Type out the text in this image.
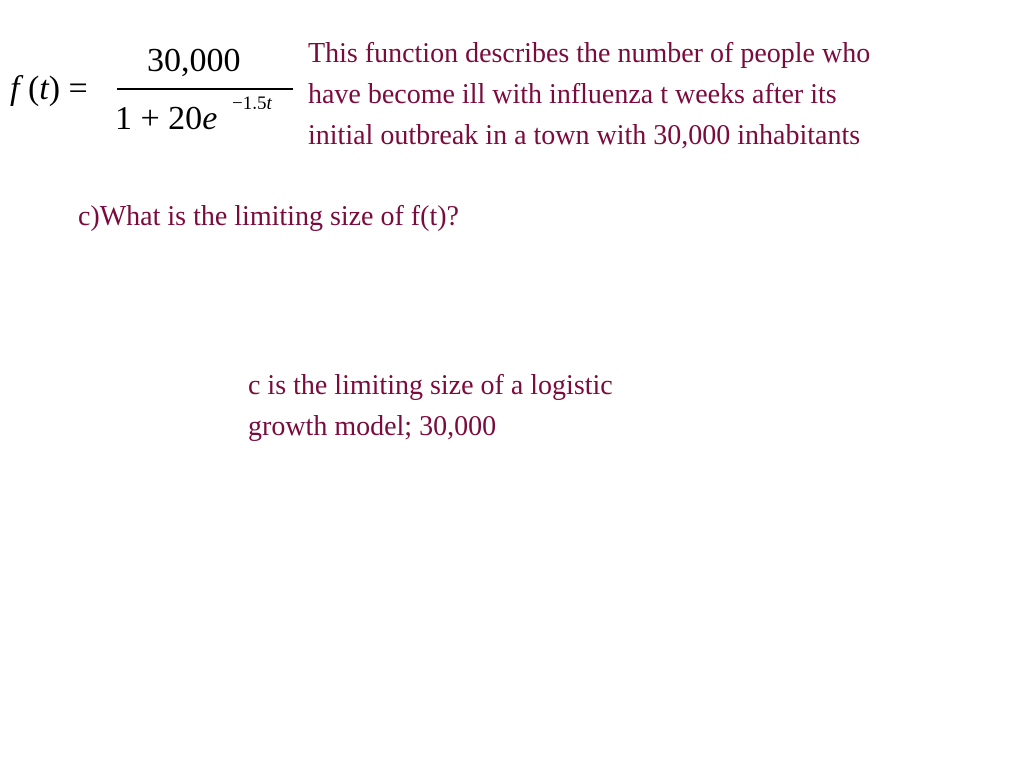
f (t) =
30,000
1 + 20e −1.5t

This function describes the number of people who
have become ill with influenza t weeks after its
initial outbreak in a town with 30,000 inhabitants

c)What is the limiting size of f(t)?

c is the limiting size of a logistic
growth model; 30,000
